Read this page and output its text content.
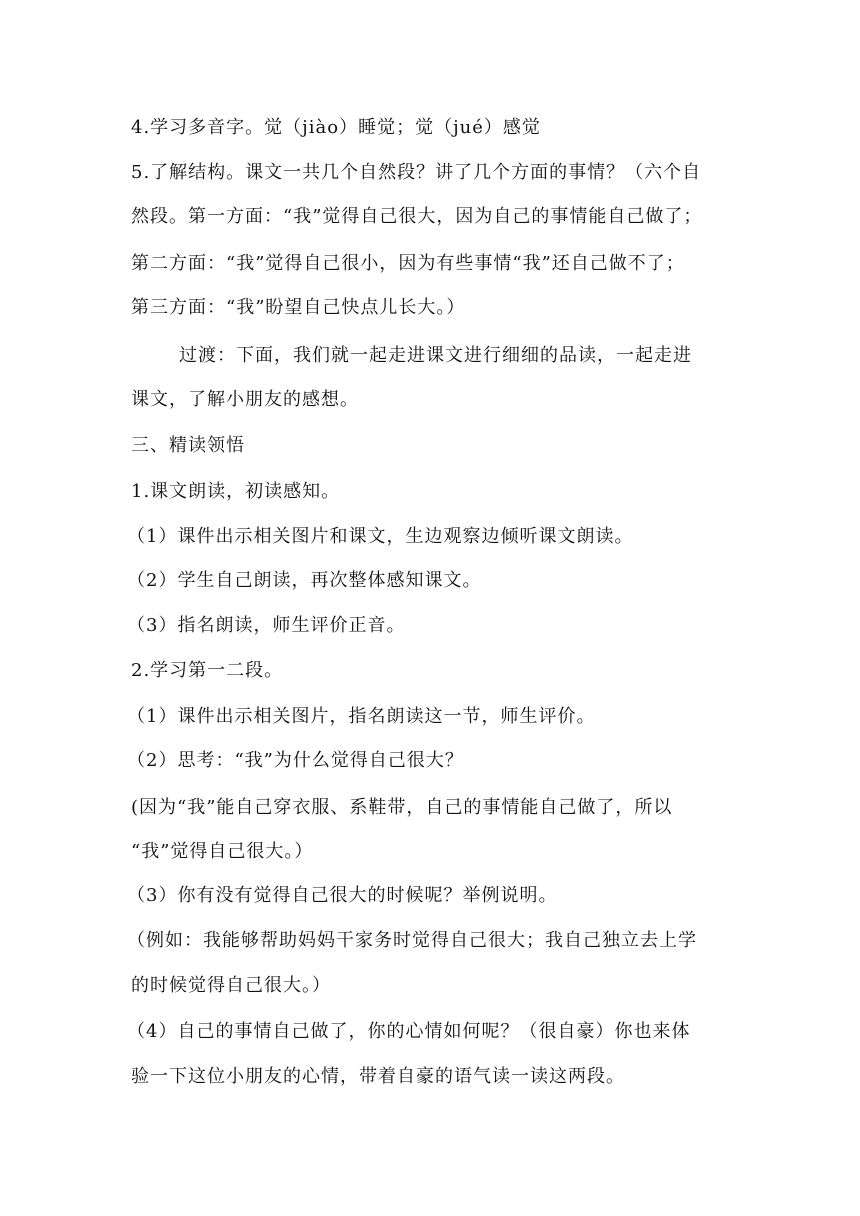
4.学习多音字。觉（jiào）睡觉；觉（jué）感觉
5.了解结构。课文一共几个自然段？讲了几个方面的事情？（六个自
然段。第一方面：“我”觉得自己很大，因为自己的事情能自己做了；
第二方面：“我”觉得自己很小，因为有些事情“我”还自己做不了；
第三方面：“我”盼望自己快点儿长大。）
过渡：下面，我们就一起走进课文进行细细的品读，一起走进
课文，了解小朋友的感想。
三、精读领悟
1.课文朗读，初读感知。
（1）课件出示相关图片和课文，生边观察边倾听课文朗读。
（2）学生自己朗读，再次整体感知课文。
（3）指名朗读，师生评价正音。
2.学习第一二段。
（1）课件出示相关图片，指名朗读这一节，师生评价。
（2）思考：“我”为什么觉得自己很大？
(因为“我”能自己穿衣服、系鞋带，自己的事情能自己做了，所以
“我”觉得自己很大。）
（3）你有没有觉得自己很大的时候呢？举例说明。
（例如：我能够帮助妈妈干家务时觉得自己很大；我自己独立去上学
的时候觉得自己很大。）
（4）自己的事情自己做了，你的心情如何呢？（很自豪）你也来体
验一下这位小朋友的心情，带着自豪的语气读一读这两段。
